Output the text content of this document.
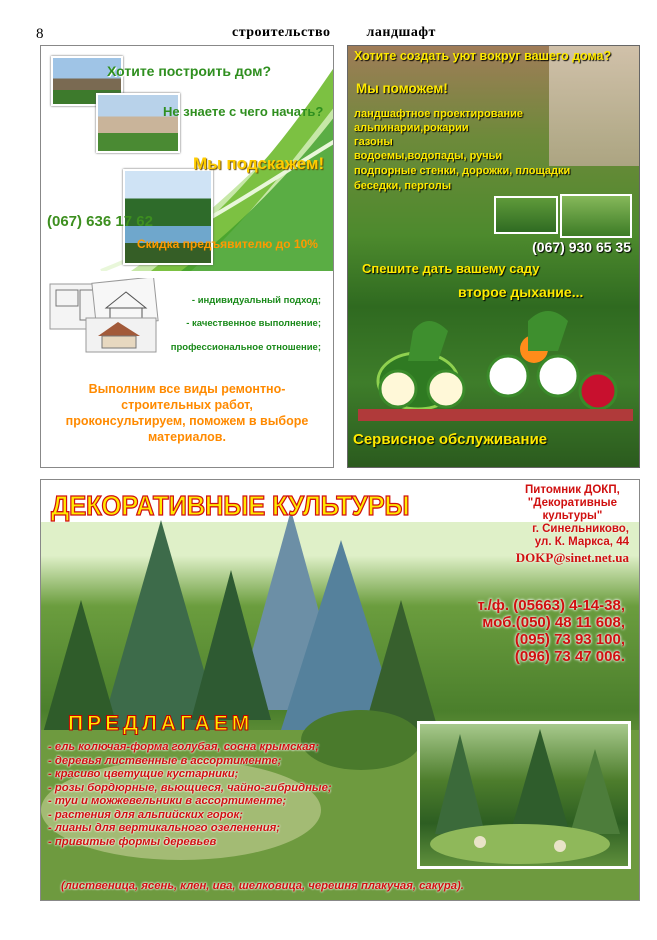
8	строительство	ландшафт
Хотите построить дом?
Не знаете с чего начать?
Мы подскажем!
(067) 636 17 62
Скидка предъявителю до 10%
- индивидуальный подход;
- качественное выполнение;
профессиональное отношение;
Выполним все виды ремонтно-строительных работ, проконсультируем, поможем в выборе материалов.
Хотите создать уют вокруг вашего дома?
Мы поможем!
ландшафтное проектирование
альпинарии,рокарии
газоны
водоемы,водопады, ручьи
подпорные стенки, дорожки, площадки
беседки, перголы
(067) 930 65 35
Спешите дать вашему саду
второе дыхание...
Сервисное обслуживание
ДЕКОРАТИВНЫЕ КУЛЬТУРЫ	Питомник ДОКП,
"Декоративные
культуры"
г. Синельниково,
ул. К. Маркса, 44
DOKP@sinet.net.ua
т./ф. (05663) 4-14-38,
моб.(050) 48 11 608,
(095) 73 93 100,
(096) 73 47 006.
ПРЕДЛАГАЕМ
- ель колючая-форма голубая, сосна крымская;
- деревья лиственные в ассортименте;
- красиво цветущие кустарники;
- розы бордюрные, вьющиеся, чайно-гибридные;
- туи и можжевельники в ассортименте;
- растения для альпийских горок;
- лианы для вертикального озеленения;
- привитые формы деревьев
(лиственица, ясень, клен, ива, шелковица, черешня плакучая, сакура).
